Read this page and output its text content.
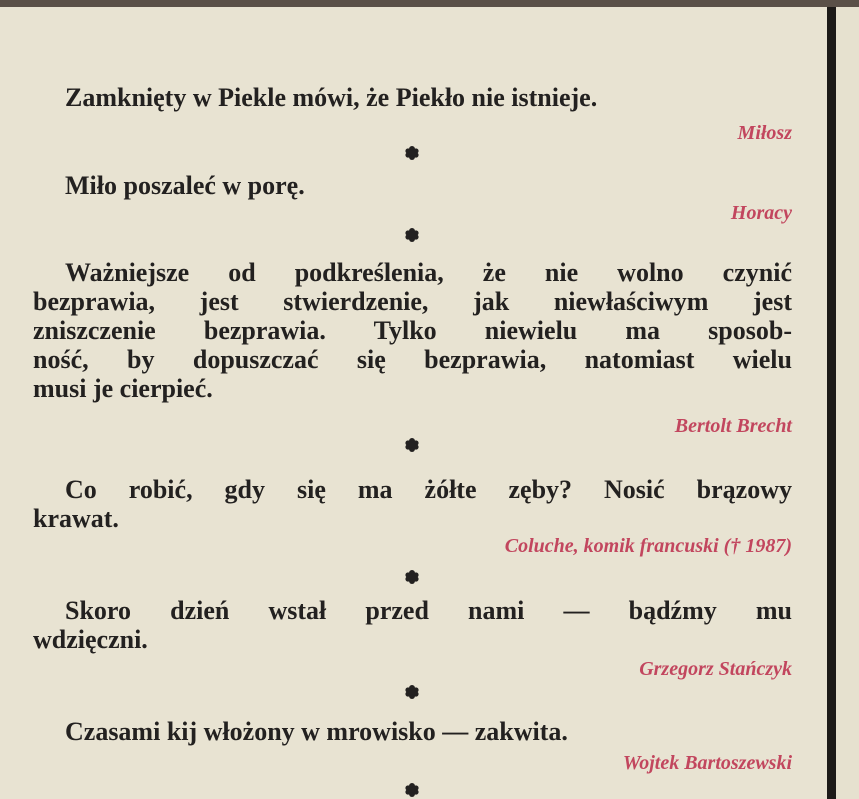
Zamknięty w Piekle mówi, że Piekło nie istnieje.
Miłosz
Miło poszaleć w porę.
Horacy
Ważniejsze od podkreślenia, że nie wolno czynić
bezprawia, jest stwierdzenie, jak niewłaściwym jest
zniszczenie bezprawia. Tylko niewielu ma sposob-
ność, by dopuszczać się bezprawia, natomiast wielu
musi je cierpieć.
Bertolt Brecht
Co robić, gdy się ma żółte zęby? Nosić brązowy
krawat.
Coluche, komik francuski († 1987)
Skoro dzień wstał przed nami — bądźmy mu
wdzięczni.
Grzegorz Stańczyk
Czasami kij włożony w mrowisko — zakwita.
Wojtek Bartoszewski
